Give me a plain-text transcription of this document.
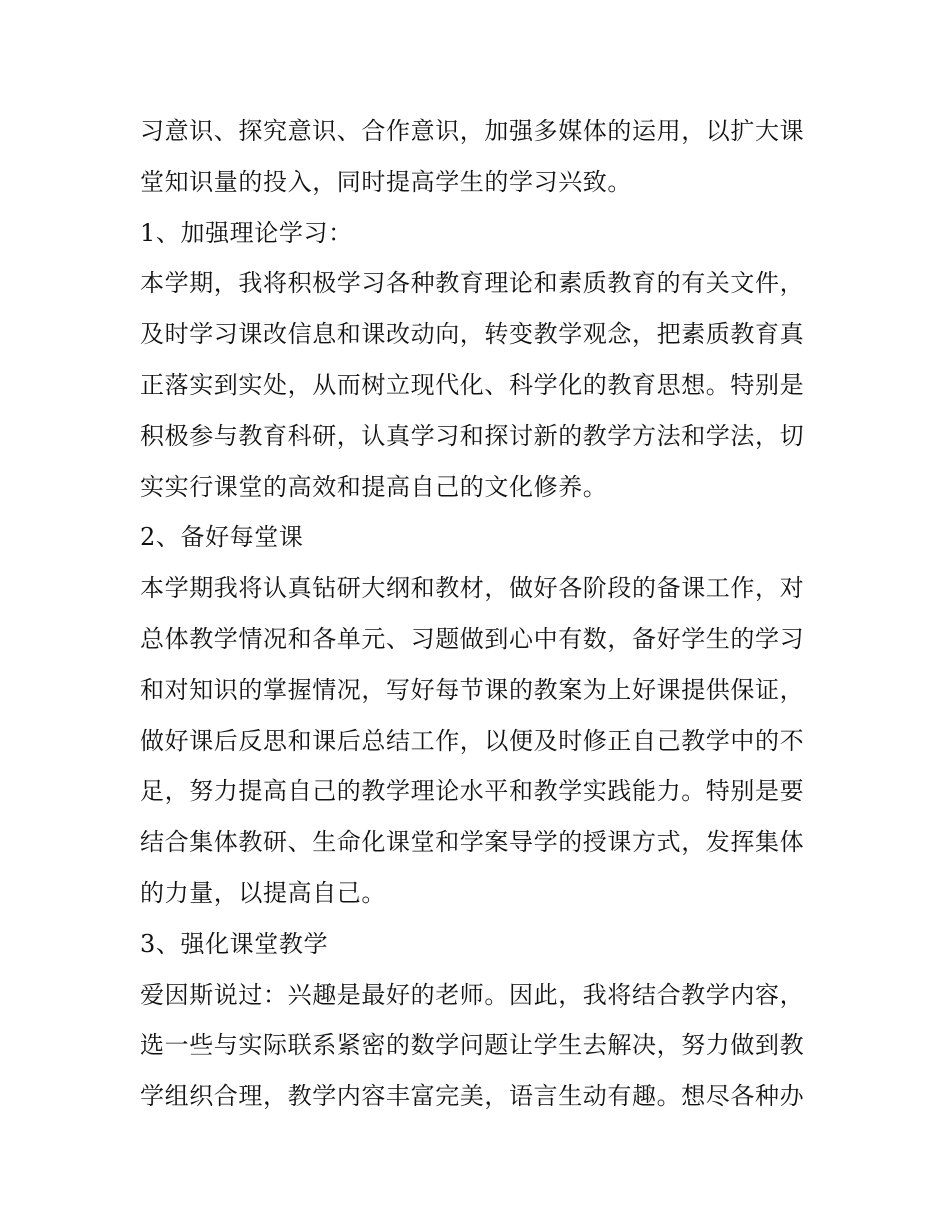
习意识、探究意识、合作意识，加强多媒体的运用，以扩大课
堂知识量的投入，同时提高学生的学习兴致。
1、加强理论学习：
本学期，我将积极学习各种教育理论和素质教育的有关文件，
及时学习课改信息和课改动向，转变教学观念，把素质教育真
正落实到实处，从而树立现代化、科学化的教育思想。特别是
积极参与教育科研，认真学习和探讨新的教学方法和学法，切
实实行课堂的高效和提高自己的文化修养。
2、备好每堂课
本学期我将认真钻研大纲和教材，做好各阶段的备课工作，对
总体教学情况和各单元、习题做到心中有数，备好学生的学习
和对知识的掌握情况，写好每节课的教案为上好课提供保证，
做好课后反思和课后总结工作，以便及时修正自己教学中的不
足，努力提高自己的教学理论水平和教学实践能力。特别是要
结合集体教研、生命化课堂和学案导学的授课方式，发挥集体
的力量，以提高自己。
3、强化课堂教学
爱因斯说过：兴趣是最好的老师。因此，我将结合教学内容，
选一些与实际联系紧密的数学问题让学生去解决，努力做到教
学组织合理，教学内容丰富完美，语言生动有趣。想尽各种办
